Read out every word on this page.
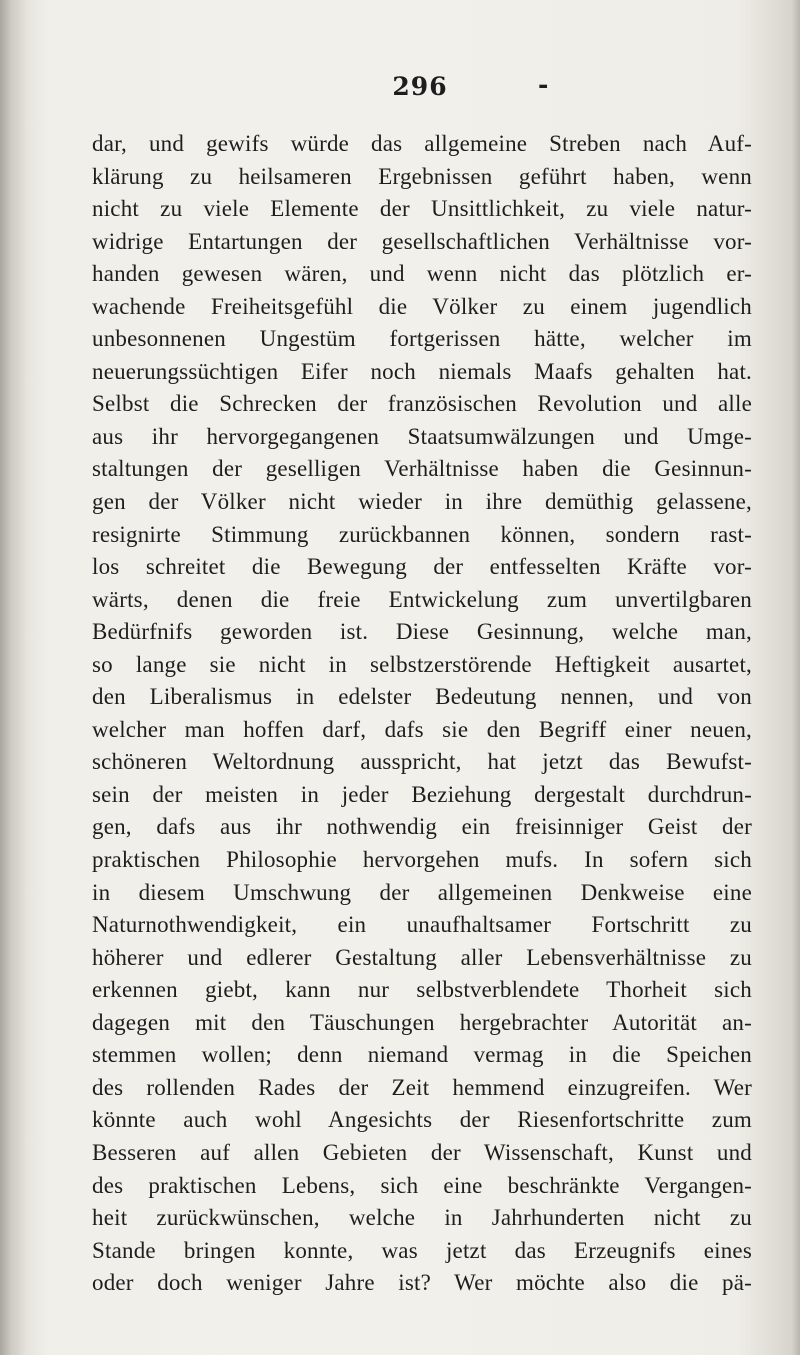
296	-
dar, und gewifs würde das allgemeine Streben nach Auf-
klärung zu heilsameren Ergebnissen geführt haben, wenn
nicht zu viele Elemente der Unsittlichkeit, zu viele natur-
widrige Entartungen der gesellschaftlichen Verhältnisse vor-
handen gewesen wären, und wenn nicht das plötzlich er-
wachende Freiheitsgefühl die Völker zu einem jugendlich
unbesonnenen Ungestüm fortgerissen hätte, welcher im
neuerungssüchtigen Eifer noch niemals Maafs gehalten hat.
Selbst die Schrecken der französischen Revolution und alle
aus ihr hervorgegangenen Staatsumwälzungen und Umge-
staltungen der geselligen Verhältnisse haben die Gesinnun-
gen der Völker nicht wieder in ihre demüthig gelassene,
resignirte Stimmung zurückbannen können, sondern rast-
los schreitet die Bewegung der entfesselten Kräfte vor-
wärts, denen die freie Entwickelung zum unvertilgbaren
Bedürfnifs geworden ist. Diese Gesinnung, welche man,
so lange sie nicht in selbstzerstörende Heftigkeit ausartet,
den Liberalismus in edelster Bedeutung nennen, und von
welcher man hoffen darf, dafs sie den Begriff einer neuen,
schöneren Weltordnung ausspricht, hat jetzt das Bewufst-
sein der meisten in jeder Beziehung dergestalt durchdrun-
gen, dafs aus ihr nothwendig ein freisinniger Geist der
praktischen Philosophie hervorgehen mufs. In sofern sich
in diesem Umschwung der allgemeinen Denkweise eine
Naturnothwendigkeit, ein unaufhaltsamer Fortschritt zu
höherer und edlerer Gestaltung aller Lebensverhältnisse zu
erkennen giebt, kann nur selbstverblendete Thorheit sich
dagegen mit den Täuschungen hergebrachter Autorität an-
stemmen wollen; denn niemand vermag in die Speichen
des rollenden Rades der Zeit hemmend einzugreifen. Wer
könnte auch wohl Angesichts der Riesenfortschritte zum
Besseren auf allen Gebieten der Wissenschaft, Kunst und
des praktischen Lebens, sich eine beschränkte Vergangen-
heit zurückwünschen, welche in Jahrhunderten nicht zu
Stande bringen konnte, was jetzt das Erzeugnifs eines
oder doch weniger Jahre ist? Wer möchte also die pä-
